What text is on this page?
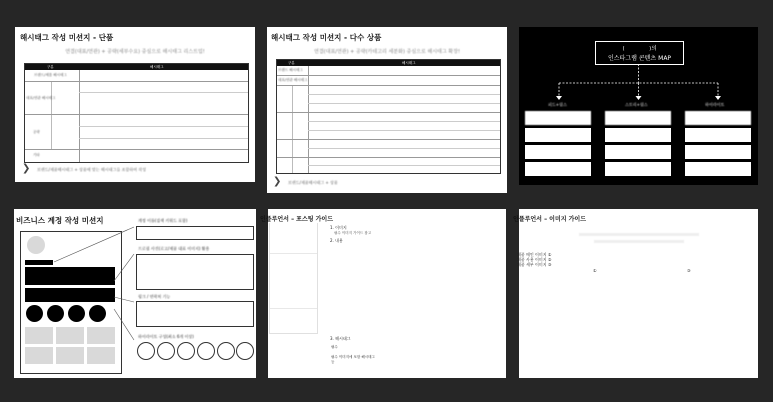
해시태그 작성 미션지 - 단품
연결(대표/연관) + 공략(세부수요) 중심으로 해시태그 리스트업!
구분	해시태그
브랜드/제품 해시태그
대표/연관 해시태그
공략
기타
❯ 브랜드/제품해시태그 + 상품에 맞는 해시태그를 조합하여 작성
해시태그 작성 미션지 - 다수 상품
연결(대표/연관) + 공략(카테고리 세분화) 중심으로 해시태그 확장!
구분	해시태그
브랜드 해시태그
대표/연관 해시태그
❯ 브랜드/제품해시태그 + 상품
(              )의
인스타그램 콘텐츠 MAP
피드+릴스	스토리+릴스	하이라이트
비즈니스 계정 작성 미션지	계정 이름(검색 키워드 포함)
프로필 사진(로고/제품 대표 이미지) 활용
링크 / 연락처 기능
하이라이트 구성(최소 6개 이상)
인플루언서 – 포스팅 가이드
1. 이미지
필수 이미지 가이드 참고
2. 내용
3. 해시태그
필수
필수 이미지에 포함 해시태그
등
인플루언서 – 이미지 가이드
제품 메인 이미지 ①
제품 사용 이미지 ②
제품 세부 이미지 ③
①	③
